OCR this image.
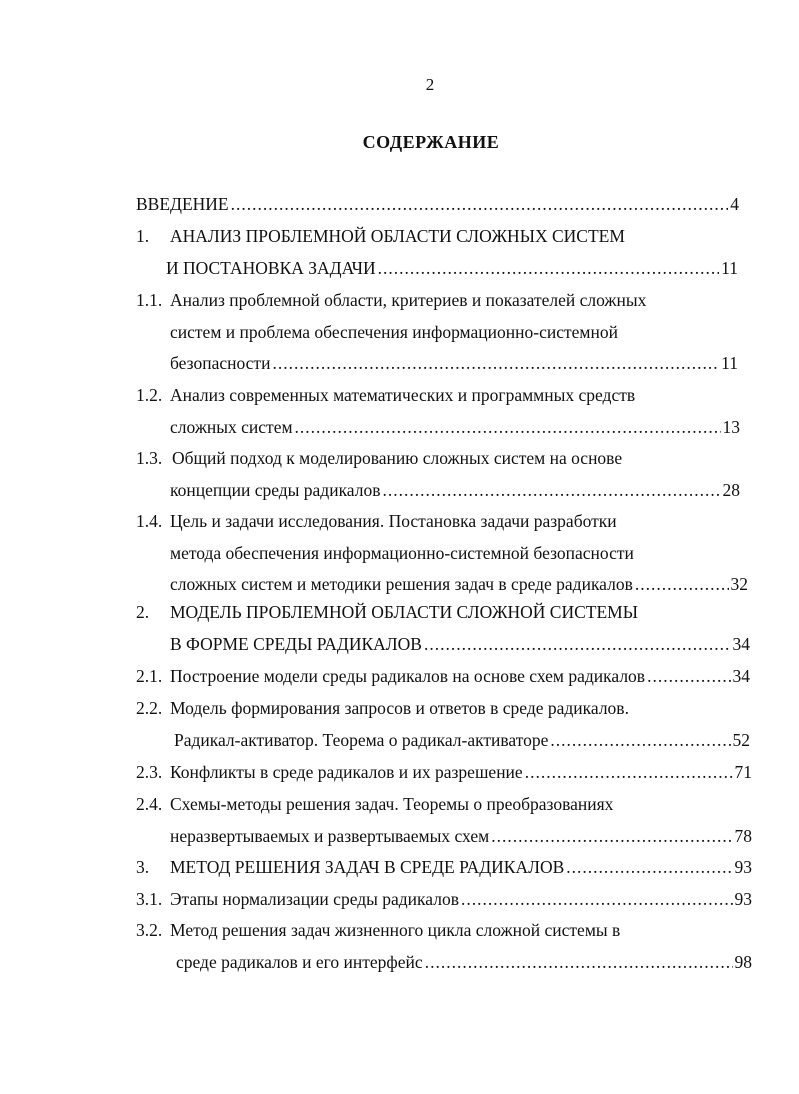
2
СОДЕРЖАНИЕ
ВВЕДЕНИЕ .....	4
1. АНАЛИЗ ПРОБЛЕМНОЙ ОБЛАСТИ СЛОЖНЫХ СИСТЕМ
И ПОСТАНОВКА ЗАДАЧИ .....	11
1.1. Анализ проблемной области, критериев и показателей сложных
систем и проблема обеспечения информационно-системной
безопасности .....	11
1.2. Анализ современных математических и программных средств
сложных систем .....	13
1.3. Общий подход к моделированию сложных систем на основе
концепции среды радикалов .....	28
1.4. Цель и задачи исследования. Постановка задачи разработки
метода обеспечения информационно-системной безопасности
сложных систем и методики решения задач в среде радикалов .....	32
2. МОДЕЛЬ ПРОБЛЕМНОЙ ОБЛАСТИ СЛОЖНОЙ СИСТЕМЫ
В ФОРМЕ СРЕДЫ РАДИКАЛОВ .....	34
2.1. Построение модели среды радикалов на основе схем радикалов .....	34
2.2. Модель формирования запросов и ответов в среде радикалов.
Радикал-активатор. Теорема о радикал-активаторе .....	52
2.3. Конфликты в среде радикалов и их разрешение .....	71
2.4. Схемы-методы решения задач. Теоремы о преобразованиях
неразвертываемых и развертываемых схем .....	78
3. МЕТОД РЕШЕНИЯ ЗАДАЧ В СРЕДЕ РАДИКАЛОВ .....	93
3.1. Этапы нормализации среды радикалов .....	93
3.2. Метод решения задач жизненного цикла сложной системы в
среде радикалов и его интерфейс .....	98
